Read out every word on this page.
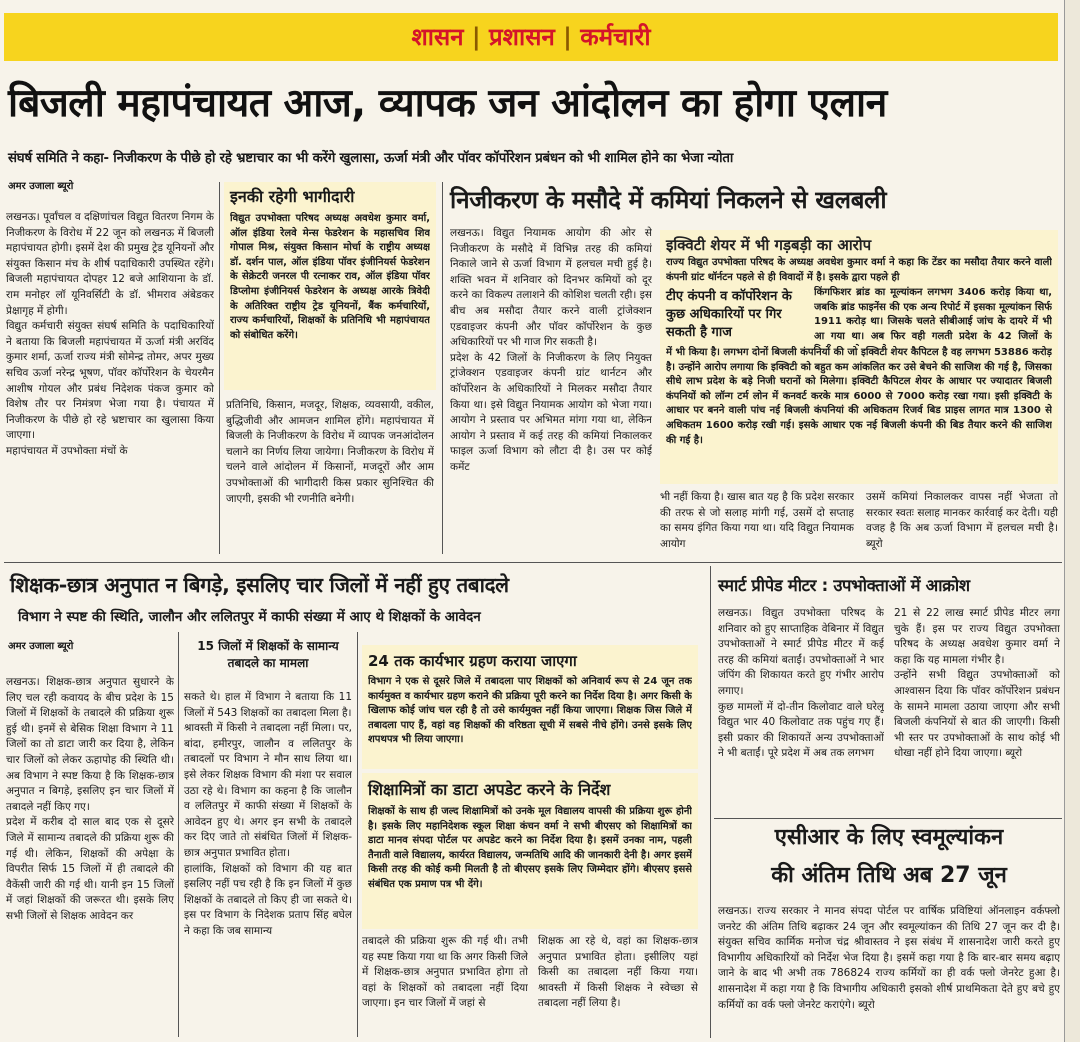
शासन | प्रशासन | कर्मचारी
बिजली महापंचायत आज, व्यापक जन आंदोलन का होगा एलान
संघर्ष समिति ने कहा- निजीकरण के पीछे हो रहे भ्रष्टाचार का भी करेंगे खुलासा, ऊर्जा मंत्री और पॉवर कॉर्पोरेशन प्रबंधन को भी शामिल होने का भेजा न्योता
अमर उजाला ब्यूरो
लखनऊ। पूर्वांचल व दक्षिणांचल विद्युत वितरण निगम के निजीकरण के विरोध में 22 जून को लखनऊ में बिजली महापंचायत होगी। इसमें देश की प्रमुख ट्रेड यूनियनों और संयुक्त किसान मंच के शीर्ष पदाधिकारी उपस्थित रहेंगे। बिजली महापंचायत दोपहर 12 बजे आशियाना के डॉ. राम मनोहर लॉ यूनिवर्सिटी के डॉ. भीमराव अंबेडकर प्रेक्षागृह में होगी।
विद्युत कर्मचारी संयुक्त संघर्ष समिति के पदाधिकारियों ने बताया कि बिजली महापंचायत में ऊर्जा मंत्री अरविंद कुमार शर्मा, ऊर्जा राज्य मंत्री सोमेन्द्र तोमर, अपर मुख्य सचिव ऊर्जा नरेन्द्र भूषण, पॉवर कॉर्पोरेशन के चेयरमैन आशीष गोयल और प्रबंध निदेशक पंकज कुमार को विशेष तौर पर निमंत्रण भेजा गया है। पंचायत में निजीकरण के पीछे हो रहे भ्रष्टाचार का खुलासा किया जाएगा।
महापंचायत में उपभोक्ता मंचों के
इनकी रहेगी भागीदारी
विद्युत उपभोक्ता परिषद अध्यक्ष अवधेश कुमार वर्मा, ऑल इंडिया रेलवे मेन्स फेडरेशन के महासचिव शिव गोपाल मिश्र, संयुक्त किसान मोर्चा के राष्ट्रीय अध्यक्ष डॉ. दर्शन पाल, ऑल इंडिया पॉवर इंजीनियर्स फेडरेशन के सेक्रेटरी जनरल पी रत्नाकर राव, ऑल इंडिया पॉवर डिप्लोमा इंजीनियर्स फेडरेशन के अध्यक्ष आरके त्रिवेदी के अतिरिक्त राष्ट्रीय ट्रेड यूनियनों, बैंक कर्मचारियों, राज्य कर्मचारियों, शिक्षकों के प्रतिनिधि भी महापंचायत को संबोधित करेंगे।
प्रतिनिधि, किसान, मजदूर, शिक्षक, व्यवसायी, वकील, बुद्धिजीवी और आमजन शामिल होंगे। महापंचायत में बिजली के निजीकरण के विरोध में व्यापक जनआंदोलन चलाने का निर्णय लिया जायेगा। निजीकरण के विरोध में चलने वाले आंदोलन में किसानों, मजदूरों और आम उपभोक्ताओं की भागीदारी किस प्रकार सुनिश्चित की जाएगी, इसकी भी रणनीति बनेगी।
निजीकरण के मसौदे में कमियां निकलने से खलबली
लखनऊ। विद्युत नियामक आयोग की ओर से निजीकरण के मसौदे में विभिन्न तरह की कमियां निकाले जाने से ऊर्जा विभाग में हलचल मची हुई है। शक्ति भवन में शनिवार को दिनभर कमियों को दूर करने का विकल्प तलाशने की कोशिश चलती रही। इस बीच अब मसौदा तैयार करने वाली ट्रांजेक्शन एडवाइजर कंपनी और पॉवर कॉर्पोरेशन के कुछ अधिकारियों पर भी गाज गिर सकती है।
प्रदेश के 42 जिलों के निजीकरण के लिए नियुक्त ट्रांजेक्शन एडवाइजर कंपनी ग्रांट थार्नटन और कॉर्पोरेशन के अधिकारियों ने मिलकर मसौदा तैयार किया था। इसे विद्युत नियामक आयोग को भेजा गया। आयोग ने प्रस्ताव पर अभिमत मांगा गया था, लेकिन आयोग ने प्रस्ताव में कई तरह की कमियां निकालकर फाइल ऊर्जा विभाग को लौटा दी है। उस पर कोई कमेंट
इक्विटी शेयर में भी गड़बड़ी का आरोप
राज्य विद्युत उपभोक्ता परिषद के अध्यक्ष अवधेश कुमार वर्मा ने कहा कि टेंडर का मसौदा तैयार करने वाली कंपनी ग्रांट थॉर्नटन पहले से ही विवादों में है। इसके द्वारा पहले ही
टीए कंपनी व कॉर्पोरेशन के कुछ अधिकारियों पर गिर सकती है गाज
किंगफिशर ब्रांड का मूल्यांकन लगभग 3406 करोड़ किया था, जबकि ब्रांड फाइनेंस की एक अन्य रिपोर्ट में इसका मूल्यांकन सिर्फ 1911 करोड़ था। जिसके चलते सीबीआई जांच के दायरे में भी आ गया था। अब फिर वही गलती प्रदेश के 42 जिलों के
में भी किया है। लगभग दोनों बिजली कंपनियों की जो इक्विटी शेयर कैपिटल है वह लगभग 53886 करोड़ है। उन्होंने आरोप लगाया कि इक्विटी को बहुत कम आंकलित कर उसे बेचने की साजिश की गई है, जिसका सीधे लाभ प्रदेश के बड़े निजी घरानों को मिलेगा। इक्विटी कैपिटल शेयर के आधार पर ज्यादातर बिजली कंपनियों को लॉन्ग टर्म लोन में कनवर्ट करके मात्र 6000 से 7000 करोड़ रखा गया। इसी इक्विटी के आधार पर बनने वाली पांच नई बिजली कंपनियां की अधिकतम रिजर्व बिड प्राइस लागत मात्र 1300 से अधिकतम 1600 करोड़ रखी गई। इसके आधार एक नई बिजली कंपनी की बिड तैयार करने की साजिश की गई है।
भी नहीं किया है। खास बात यह है कि प्रदेश सरकार की तरफ से जो सलाह मांगी गई, उसमें दो सप्ताह का समय इंगित किया गया था। यदि विद्युत नियामक आयोग
उसमें कमियां निकालकर वापस नहीं भेजता तो सरकार स्वतः सलाह मानकर कार्रवाई कर देती। यही वजह है कि अब ऊर्जा विभाग में हलचल मची है। ब्यूरो
शिक्षक-छात्र अनुपात न बिगड़े, इसलिए चार जिलों में नहीं हुए तबादले
विभाग ने स्पष्ट की स्थिति, जालौन और ललितपुर में काफी संख्या में आए थे शिक्षकों के आवेदन
अमर उजाला ब्यूरो
लखनऊ। शिक्षक-छात्र अनुपात सुधारने के लिए चल रही कवायद के बीच प्रदेश के 15 जिलों में शिक्षकों के तबादले की प्रक्रिया शुरू हुई थी। इनमें से बेसिक शिक्षा विभाग ने 11 जिलों का तो डाटा जारी कर दिया है, लेकिन चार जिलों को लेकर ऊहापोह की स्थिति थी। अब विभाग ने स्पष्ट किया है कि शिक्षक-छात्र अनुपात न बिगड़े, इसलिए इन चार जिलों में तबादले नहीं किए गए।
प्रदेश में करीब दो साल बाद एक से दूसरे जिले में सामान्य तबादले की प्रक्रिया शुरू की गई थी। लेकिन, शिक्षकों की अपेक्षा के विपरीत सिर्फ 15 जिलों में ही तबादले की वैकेंसी जारी की गई थी। यानी इन 15 जिलों में जहां शिक्षकों की जरूरत थी। इसके लिए सभी जिलों से शिक्षक आवेदन कर
15 जिलों में शिक्षकों के सामान्य तबादले का मामला
सकते थे। हाल में विभाग ने बताया कि 11 जिलों में 543 शिक्षकों का तबादला मिला है।
श्रावस्ती में किसी ने तबादला नहीं मिला। पर, बांदा, हमीरपुर, जालौन व ललितपुर के तबादलों पर विभाग ने मौन साध लिया था। इसे लेकर शिक्षक विभाग की मंशा पर सवाल उठा रहे थे। विभाग का कहना है कि जालौन व ललितपुर में काफी संख्या में शिक्षकों के आवेदन हुए थे। अगर इन सभी के तबादले कर दिए जाते तो संबंधित जिलों में शिक्षक-छात्र अनुपात प्रभावित होता।
हालांकि, शिक्षकों को विभाग की यह बात इसलिए नहीं पच रही है कि इन जिलों में कुछ शिक्षकों के तबादले तो किए ही जा सकते थे। इस पर विभाग के निदेशक प्रताप सिंह बघेल ने कहा कि जब सामान्य
24 तक कार्यभार ग्रहण कराया जाएगा
विभाग ने एक से दूसरे जिले में तबादला पाए शिक्षकों को अनिवार्य रूप से 24 जून तक कार्यमुक्त व कार्यभार ग्रहण कराने की प्रक्रिया पूरी करने का निर्देश दिया है। अगर किसी के खिलाफ कोई जांच चल रही है तो उसे कार्यमुक्त नहीं किया जाएगा। शिक्षक जिस जिले में तबादला पाए हैं, वहां वह शिक्षकों की वरिष्ठता सूची में सबसे नीचे होंगे। उनसे इसके लिए शपथपत्र भी लिया जाएगा।
शिक्षामित्रों का डाटा अपडेट करने के निर्देश
शिक्षकों के साथ ही जल्द शिक्षामित्रों को उनके मूल विद्यालय वापसी की प्रक्रिया शुरू होनी है। इसके लिए महानिदेशक स्कूल शिक्षा कंचन वर्मा ने सभी बीएसए को शिक्षामित्रों का डाटा मानव संपदा पोर्टल पर अपडेट करने का निर्देश दिया है। इसमें उनका नाम, पहली तैनाती वाले विद्यालय, कार्यरत विद्यालय, जन्मतिथि आदि की जानकारी देनी है। अगर इसमें किसी तरह की कोई कमी मिलती है तो बीएसए इसके लिए जिम्मेदार होंगे। बीएसए इससे संबंधित एक प्रमाण पत्र भी देंगे।
तबादले की प्रक्रिया शुरू की गई थी। तभी यह स्पष्ट किया गया था कि अगर किसी जिले में शिक्षक-छात्र अनुपात प्रभावित होगा तो वहां के शिक्षकों को तबादला नहीं दिया जाएगा। इन चार जिलों में जहां से
शिक्षक आ रहे थे, वहां का शिक्षक-छात्र अनुपात प्रभावित होता। इसीलिए यहां किसी का तबादला नहीं किया गया। श्रावस्ती में किसी शिक्षक ने स्वेच्छा से तबादला नहीं लिया है।
स्मार्ट प्रीपेड मीटर : उपभोक्ताओं में आक्रोश
लखनऊ। विद्युत उपभोक्ता परिषद के शनिवार को हुए साप्ताहिक वेबिनार में विद्युत उपभोक्ताओं ने स्मार्ट प्रीपेड मीटर में कई तरह की कमियां बताईं। उपभोक्ताओं ने भार जंपिंग की शिकायत करते हुए गंभीर आरोप लगाए।
कुछ मामलों में दो-तीन किलोवाट वाले घरेलू विद्युत भार 40 किलोवाट तक पहुंच गए हैं। इसी प्रकार की शिकायतें अन्य उपभोक्ताओं ने भी बताईं। पूरे प्रदेश में अब तक लगभग
21 से 22 लाख स्मार्ट प्रीपेड मीटर लगा चुके हैं। इस पर राज्य विद्युत उपभोक्ता परिषद के अध्यक्ष अवधेश कुमार वर्मा ने कहा कि यह मामला गंभीर है।
उन्होंने सभी विद्युत उपभोक्ताओं को आश्वासन दिया कि पॉवर कॉर्पोरेशन प्रबंधन के सामने मामला उठाया जाएगा और सभी बिजली कंपनियों से बात की जाएगी। किसी भी स्तर पर उपभोक्ताओं के साथ कोई भी धोखा नहीं होने दिया जाएगा। ब्यूरो
एसीआर के लिए स्वमूल्यांकन
की अंतिम तिथि अब 27 जून
लखनऊ। राज्य सरकार ने मानव संपदा पोर्टल पर वार्षिक प्रविष्टियां ऑनलाइन वर्कफ्लो जनरेट की अंतिम तिथि बढ़ाकर 24 जून और स्वमूल्यांकन की तिथि 27 जून कर दी है। संयुक्त सचिव कार्मिक मनोज चंद्र श्रीवास्तव ने इस संबंध में शासनादेश जारी करते हुए विभागीय अधिकारियों को निर्देश भेज दिया है। इसमें कहा गया है कि बार-बार समय बढ़ाए जाने के बाद भी अभी तक 786824 राज्य कर्मियों का ही वर्क फ्लो जेनरेट हुआ है। शासनादेश में कहा गया है कि विभागीय अधिकारी इसको शीर्ष प्राथमिकता देते हुए बचे हुए कर्मियों का वर्क फ्लो जेनरेट कराएंगे। ब्यूरो
